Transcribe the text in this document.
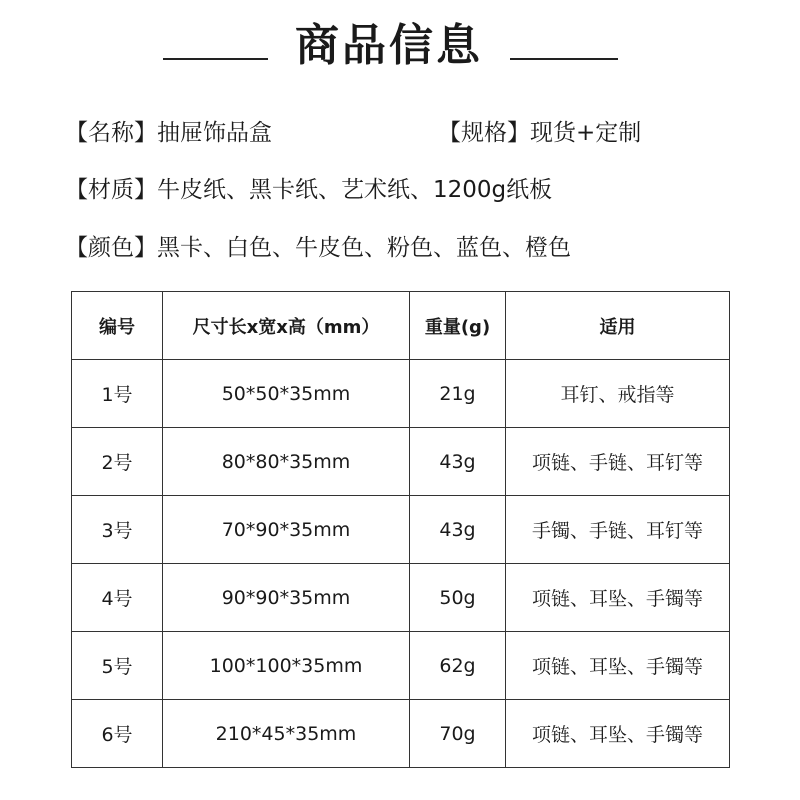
商品信息
【名称】抽屉饰品盒	【规格】现货+定制
【材质】牛皮纸、黑卡纸、艺术纸、1200g纸板
【颜色】黑卡、白色、牛皮色、粉色、蓝色、橙色
编号	尺寸长x宽x高（mm）	重量(g)	适用
1号	50*50*35mm	21g	耳钉、戒指等
2号	80*80*35mm	43g	项链、手链、耳钉等
3号	70*90*35mm	43g	手镯、手链、耳钉等
4号	90*90*35mm	50g	项链、耳坠、手镯等
5号	100*100*35mm	62g	项链、耳坠、手镯等
6号	210*45*35mm	70g	项链、耳坠、手镯等
